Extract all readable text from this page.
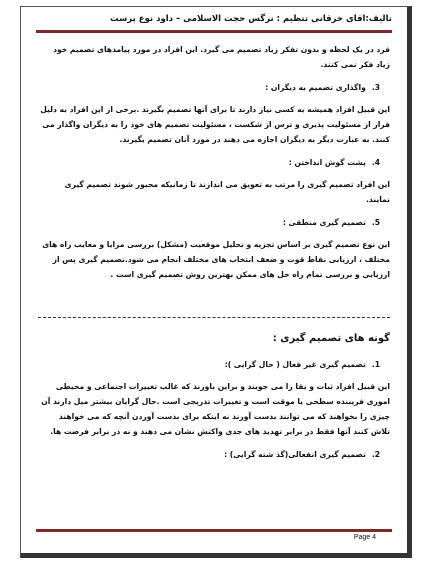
تالیف:اقای خرقانی تنظیم : نرگس حجت الاسلامی – داود نوع پرست

فرد در یک لحظه و بدون تفکر زیاد تصمیم می گیرد. این افراد در مورد پیامدهای تصمیم خود زیاد فکر نمی کنند.

3.واگذاری تصمیم به دیگران :

این قبیل افراد همیشه به کسی نیاز دارند تا برای آنها تصمیم بگیرند .برخی از این افراد به دلیل فرار از مسئولیت پذیری و ترس از شکست ، مسئولیت تصمیم های خود را به دیگران واگذار می کنند. به عبارت دیگر به دیگران اجازه می دهند در مورد آنان تصمیم بگیرند.

4.پشت گوش انداختن :

این افراد تصمیم گیری را مرتب به تعویق می اندازند تا زمانیکه مجبور شوند تصمیم گیری نمایند.

5.تصمیم گیری منطقی :

این نوع تصمیم گیری بر اساس تجزیه و تحلیل موقعیت (مشکل) بررسی مزایا و معایب راه های مختلف ، ارزیابی نقاط قوت و ضعف انتخاب های مختلف انجام می شود.تصمیم گیری پس از ارزیابی و بررسی تمام راه حل های ممکن بهترین روش تصمیم گیری است .

گونه های تصمیم گیری :
1.تصمیم گیری غیر فعال ( حال گرایی ):

این قبیل افراد ثبات و بقا را می جویند و براین باورند که غالب تغییرات اجتماعی و محیطی اموری فریبنده سطحی یا موقت است و تغییرات تدریجی است .حال گرایان بیشتر میل دارند آن چیزی را بخواهند که می توانند بدست آورند نه اینکه برای بدست آوردن آنچه که می خواهند تلاش کنند آنها فقط در برابر تهدید های جدی واکنش نشان می دهند و نه در برابر فرصت ها.

2.تصمیم گیری انفعالی(گذ شته گرایی) :
Page 4
